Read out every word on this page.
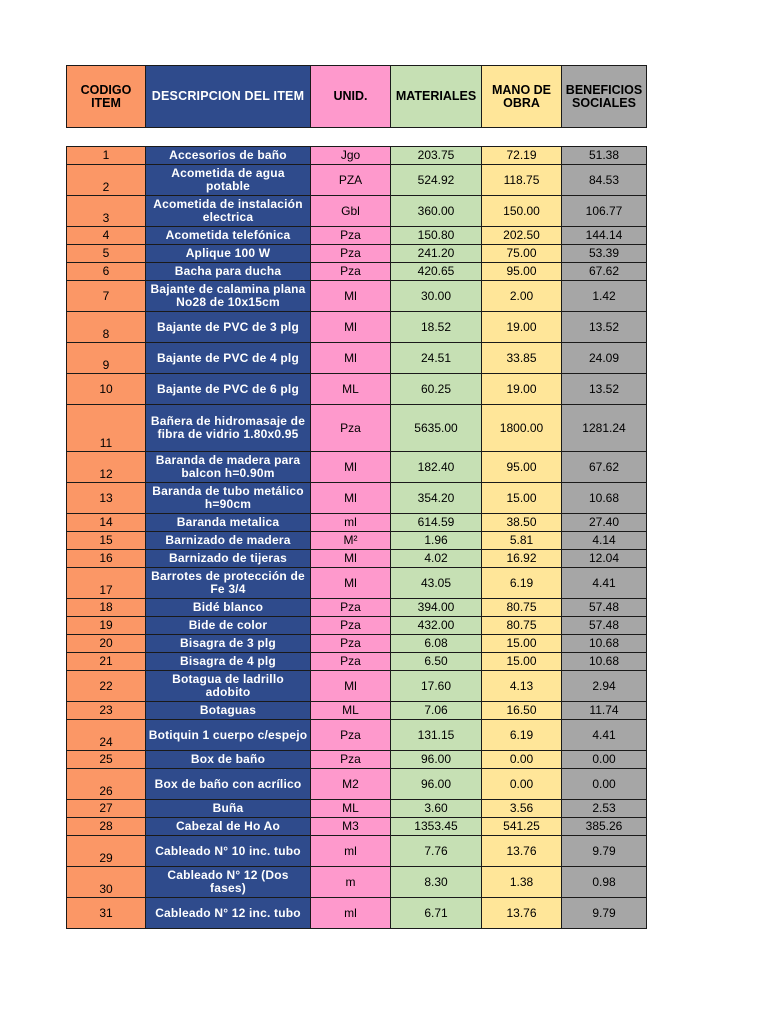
CODIGO ITEM	DESCRIPCION DEL ITEM	UNID.	MATERIALES	MANO DE OBRA	BENEFICIOS SOCIALES
1	Accesorios de baño	Jgo	203.75	72.19	51.38
2	Acometida de agua potable	PZA	524.92	118.75	84.53
3	Acometida de instalación electrica	Gbl	360.00	150.00	106.77
4	Acometida telefónica	Pza	150.80	202.50	144.14
5	Aplique 100 W	Pza	241.20	75.00	53.39
6	Bacha para ducha	Pza	420.65	95.00	67.62
7	Bajante de calamina plana No28 de 10x15cm	Ml	30.00	2.00	1.42
8	Bajante de PVC de 3 plg	Ml	18.52	19.00	13.52
9	Bajante de PVC de 4 plg	Ml	24.51	33.85	24.09
10	Bajante de PVC de 6 plg	ML	60.25	19.00	13.52
11	Bañera de hidromasaje de fibra de vidrio 1.80x0.95	Pza	5635.00	1800.00	1281.24
12	Baranda de madera para balcon h=0.90m	Ml	182.40	95.00	67.62
13	Baranda de tubo metálico h=90cm	Ml	354.20	15.00	10.68
14	Baranda metalica	ml	614.59	38.50	27.40
15	Barnizado de madera	M²	1.96	5.81	4.14
16	Barnizado de tijeras	Ml	4.02	16.92	12.04
17	Barrotes de protección de Fe 3/4	Ml	43.05	6.19	4.41
18	Bidé blanco	Pza	394.00	80.75	57.48
19	Bide de color	Pza	432.00	80.75	57.48
20	Bisagra de 3 plg	Pza	6.08	15.00	10.68
21	Bisagra de 4 plg	Pza	6.50	15.00	10.68
22	Botagua de ladrillo adobito	Ml	17.60	4.13	2.94
23	Botaguas	ML	7.06	16.50	11.74
24	Botiquin 1 cuerpo c/espejo	Pza	131.15	6.19	4.41
25	Box de baño	Pza	96.00	0.00	0.00
26	Box de baño con acrílico	M2	96.00	0.00	0.00
27	Buña	ML	3.60	3.56	2.53
28	Cabezal de Ho Ao	M3	1353.45	541.25	385.26
29	Cableado N° 10 inc. tubo	ml	7.76	13.76	9.79
30	Cableado N° 12 (Dos fases)	m	8.30	1.38	0.98
31	Cableado N° 12 inc. tubo	ml	6.71	13.76	9.79
